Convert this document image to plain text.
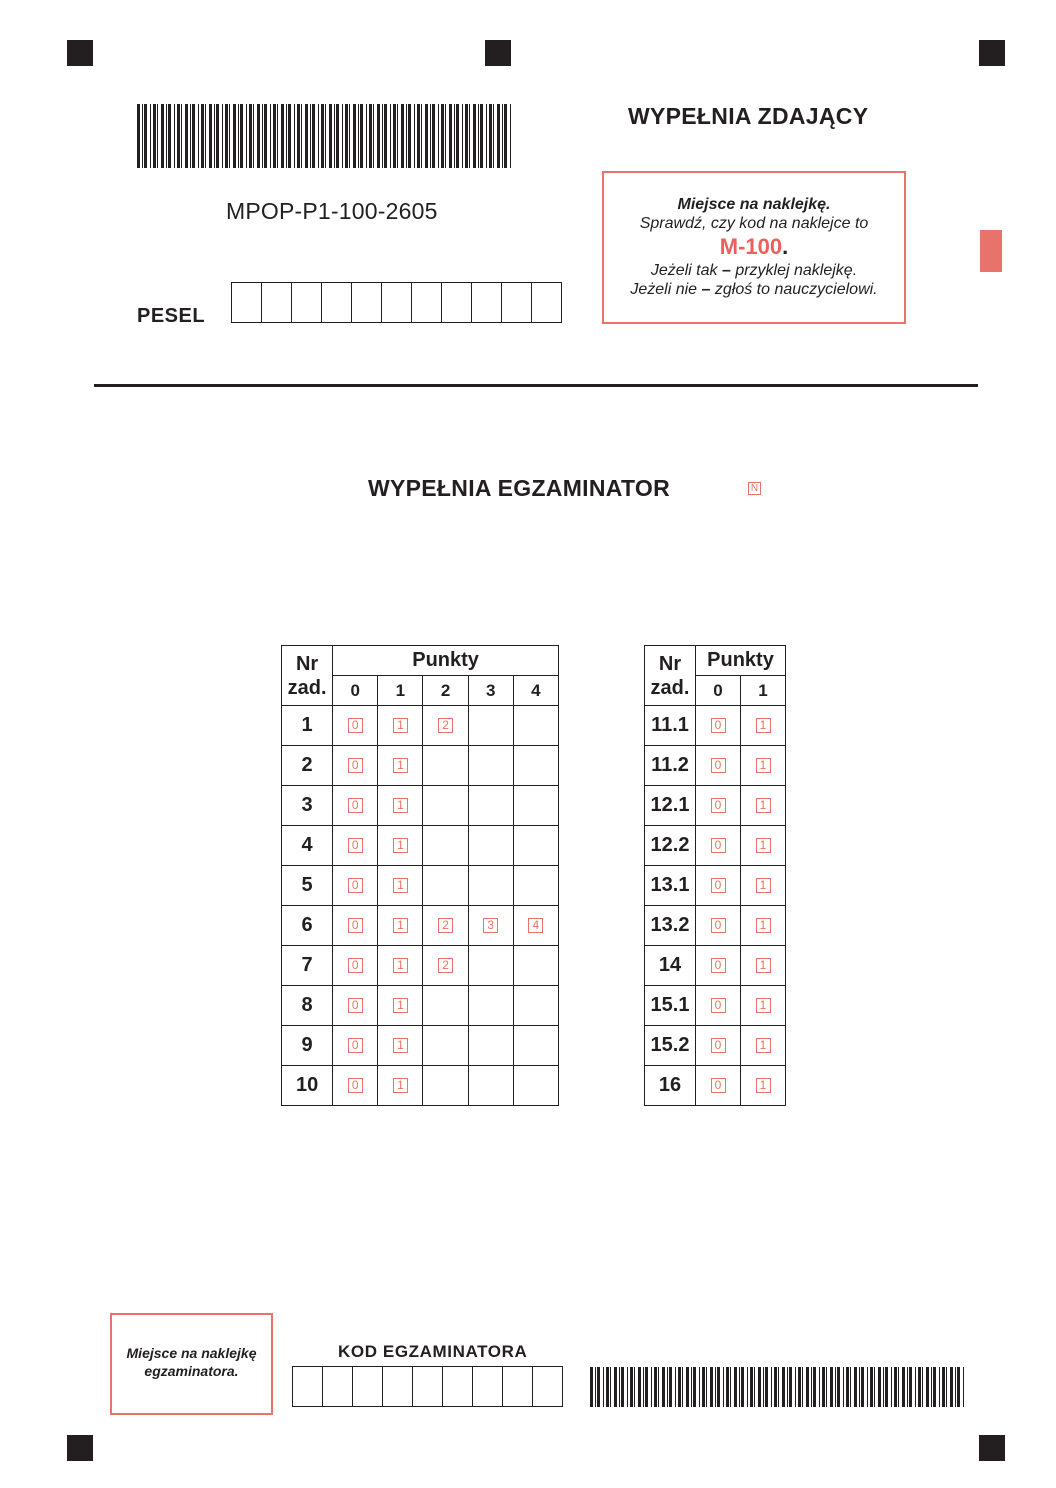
MPOP-P1-100-2605
PESEL
WYPEŁNIA ZDAJĄCY
Miejsce na naklejkę.
Sprawdź, czy kod na naklejce to
M-100.
Jeżeli tak – przyklej naklejkę.
Jeżeli nie – zgłoś to nauczycielowi.
WYPEŁNIA EGZAMINATOR	N
Nr
zad.	Punkty				
	0	1	2	3	4
1	0	1	2		
2	0	1			
3	0	1			
4	0	1			
5	0	1			
6	0	1	2	3	4
7	0	1	2		
8	0	1			
9	0	1			
10	0	1			
Nr
zad.	Punkty	
	0	1
11.1	0	1
11.2	0	1
12.1	0	1
12.2	0	1
13.1	0	1
13.2	0	1
14	0	1
15.1	0	1
15.2	0	1
16	0	1
Miejsce na naklejkę
egzaminatora.
KOD EGZAMINATORA
